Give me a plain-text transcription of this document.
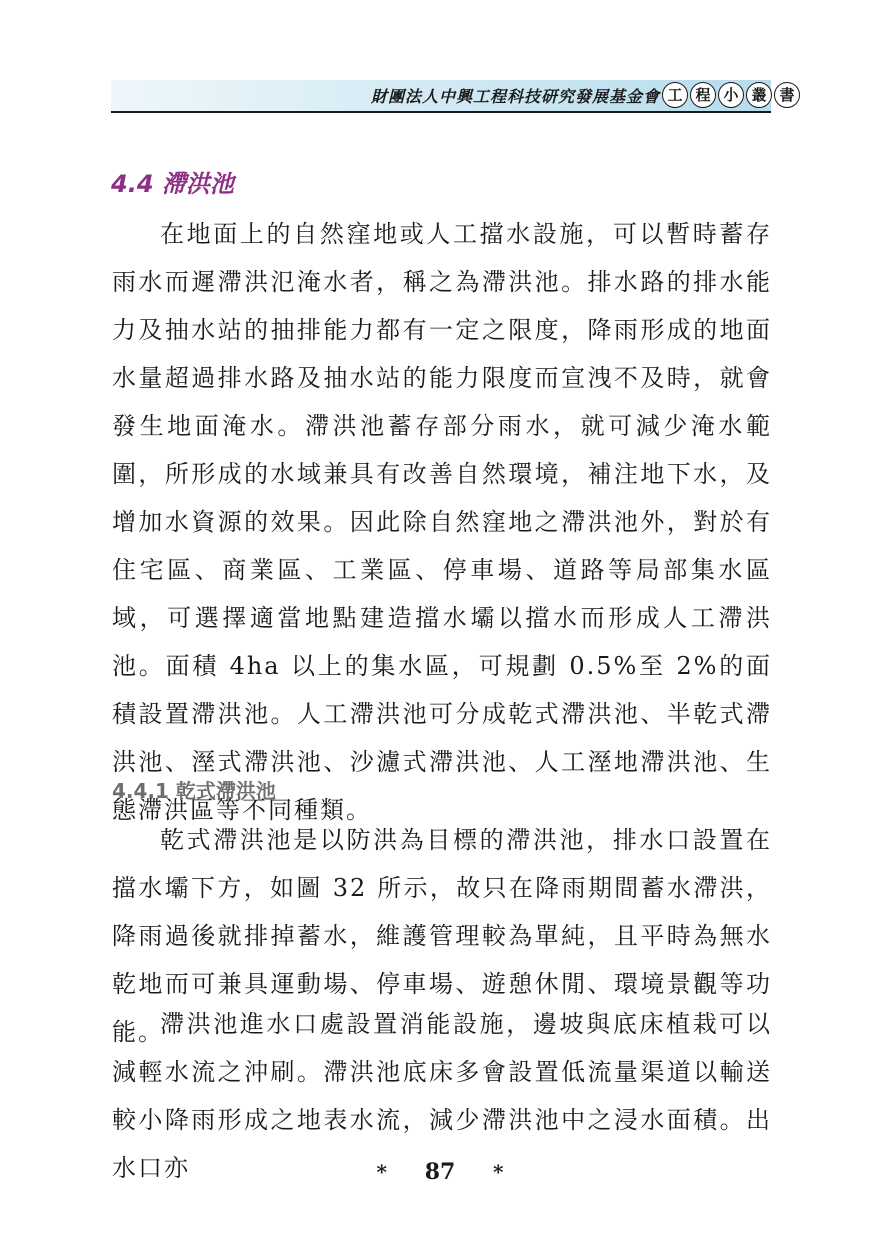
財團法人中興工程科技研究發展基金會 工 程 小 叢 書
4.4 滯洪池

在地面上的自然窪地或人工擋水設施，可以暫時蓄存雨水而遲滯洪氾淹水者，稱之為滯洪池。排水路的排水能力及抽水站的抽排能力都有一定之限度，降雨形成的地面水量超過排水路及抽水站的能力限度而宣洩不及時，就會發生地面淹水。滯洪池蓄存部分雨水，就可減少淹水範圍，所形成的水域兼具有改善自然環境，補注地下水，及增加水資源的效果。因此除自然窪地之滯洪池外，對於有住宅區、商業區、工業區、停車場、道路等局部集水區域，可選擇適當地點建造擋水壩以擋水而形成人工滯洪池。面積 4ha 以上的集水區，可規劃 0.5%至 2%的面積設置滯洪池。人工滯洪池可分成乾式滯洪池、半乾式滯洪池、溼式滯洪池、沙濾式滯洪池、人工溼地滯洪池、生態滯洪區等不同種類。

4.4.1 乾式滯洪池

乾式滯洪池是以防洪為目標的滯洪池，排水口設置在擋水壩下方，如圖 32 所示，故只在降雨期間蓄水滯洪，降雨過後就排掉蓄水，維護管理較為單純，且平時為無水乾地而可兼具運動場、停車場、遊憩休閒、環境景觀等功能。

滯洪池進水口處設置消能設施，邊坡與底床植栽可以減輕水流之沖刷。滯洪池底床多會設置低流量渠道以輸送較小降雨形成之地表水流，減少滯洪池中之浸水面積。出水口亦	* 87 *
